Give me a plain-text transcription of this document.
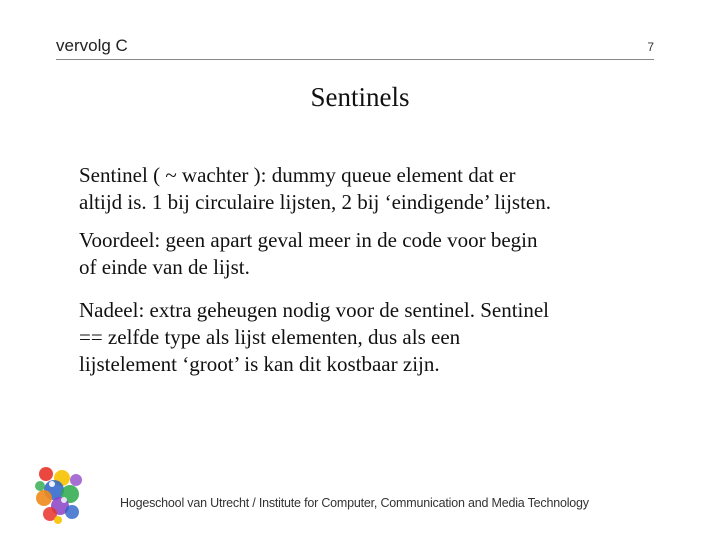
vervolg C	7
Sentinels

Sentinel ( ~ wachter ): dummy queue element dat er
altijd is. 1 bij circulaire lijsten, 2 bij ‘eindigende’ lijsten.

Voordeel: geen apart geval meer in de code voor begin
of einde van de lijst.

Nadeel: extra geheugen nodig voor de sentinel. Sentinel
== zelfde type als lijst elementen, dus als een
lijstelement ‘groot’ is kan dit kostbaar zijn.

Hogeschool van Utrecht / Institute for Computer, Communication and Media Technology
